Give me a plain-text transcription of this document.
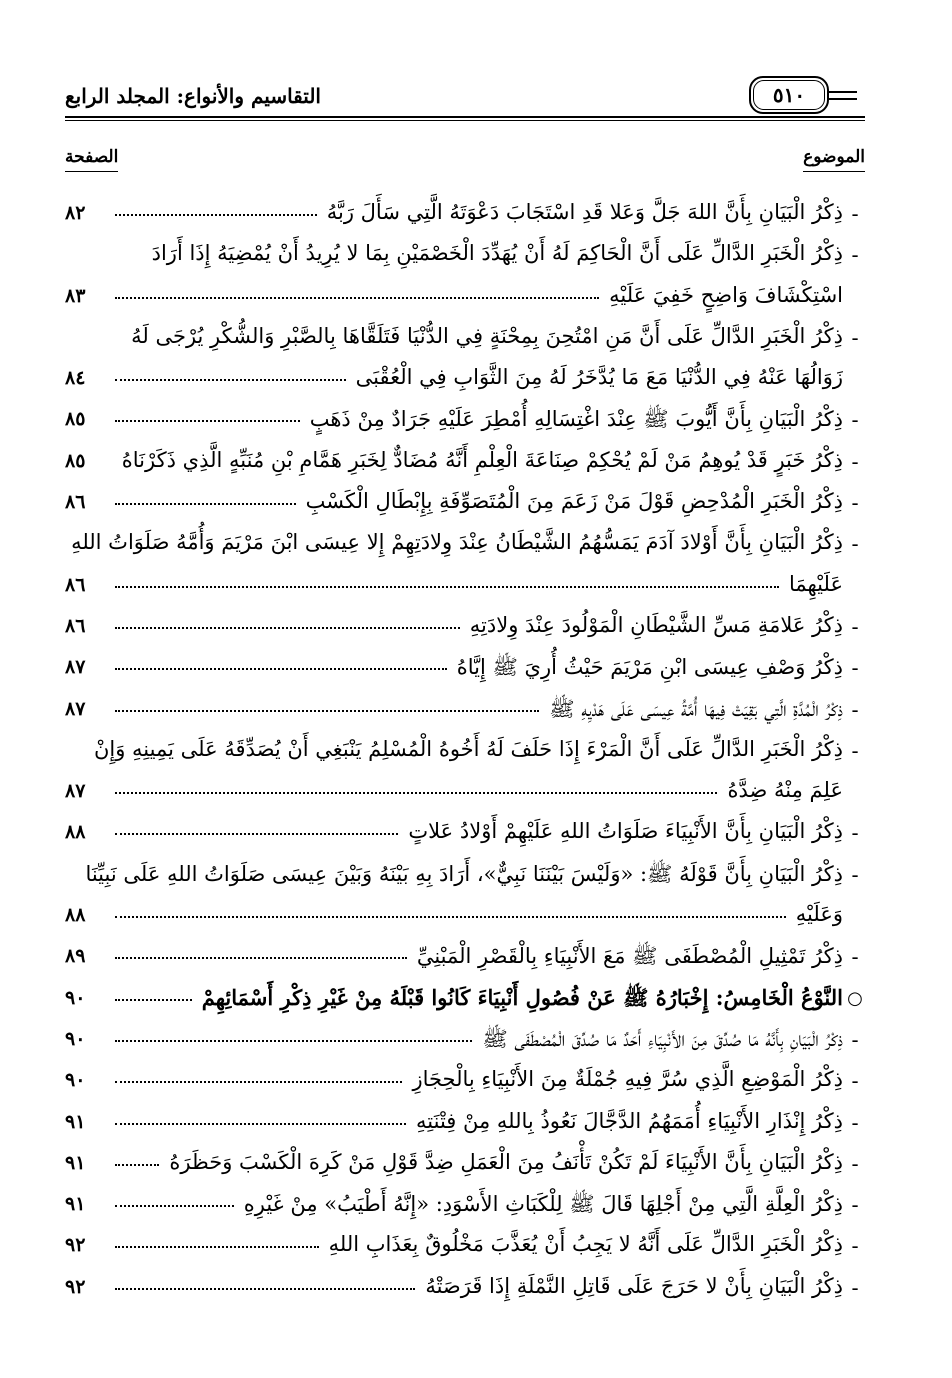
التقاسيم والأنواع: المجلد الرابع	٥١٠
الموضوع
الصفحة
-
ذِكْرُ الْبَيَانِ بِأَنَّ اللهَ جَلَّ وَعَلا قَدِ اسْتَجَابَ دَعْوَتَهُ الَّتِي سَأَلَ رَبَّهُ
٨٢
-
ذِكْرُ الْخَبَرِ الدَّالِّ عَلَى أَنَّ الْحَاكِمَ لَهُ أَنْ يُهَدِّدَ الْخَصْمَيْنِ بِمَا لا يُرِيدُ أَنْ يُمْضِيَهُ إِذَا أَرَادَ
اسْتِكْشَافَ وَاضِحٍ خَفِيَ عَلَيْهِ
٨٣
-
ذِكْرُ الْخَبَرِ الدَّالِّ عَلَى أَنَّ مَنِ امْتُحِنَ بِمِحْنَةٍ فِي الدُّنْيَا فَتَلَقَّاهَا بِالصَّبْرِ وَالشُّكْرِ يُرْجَى لَهُ
زَوَالُهَا عَنْهُ فِي الدُّنْيَا مَعَ مَا يُدَّخَرُ لَهُ مِنَ الثَّوَابِ فِي الْعُقْبَى
٨٤
-
ذِكْرُ الْبَيَانِ بِأَنَّ أَيُّوبَ ﷺ عِنْدَ اغْتِسَالِهِ أُمْطِرَ عَلَيْهِ جَرَادٌ مِنْ ذَهَبٍ
٨٥
-
ذِكْرُ خَبَرٍ قَدْ يُوهِمُ مَنْ لَمْ يُحْكِمْ صِنَاعَةَ الْعِلْمِ أَنَّهُ مُضَادٌّ لِخَبَرِ هَمَّامِ بْنِ مُنَبِّهٍ الَّذِي ذَكَرْنَاهُ
٨٥
-
ذِكْرُ الْخَبَرِ الْمُدْحِضِ قَوْلَ مَنْ زَعَمَ مِنَ الْمُتَصَوِّفَةِ بِإِبْطَالِ الْكَسْبِ
٨٦
-
ذِكْرُ الْبَيَانِ بِأَنَّ أَوْلادَ آدَمَ يَمَسُّهُمُ الشَّيْطَانُ عِنْدَ وِلادَتِهِمْ إِلا عِيسَى ابْنَ مَرْيَمَ وَأُمَّهُ صَلَوَاتُ اللهِ
عَلَيْهِمَا
٨٦
-
ذِكْرُ عَلامَةِ مَسِّ الشَّيْطَانِ الْمَوْلُودَ عِنْدَ وِلادَتِهِ
٨٦
-
ذِكْرُ وَصْفِ عِيسَى ابْنِ مَرْيَمَ حَيْثُ أُرِيَ ﷺ إِيَّاهُ
٨٧
-
ذِكْرُ الْمُدَّةِ الَّتِي بَقِيَتْ فِيهَا أُمَّةُ عِيسَى عَلَى هَدْيِهِ ﷺ
٨٧
-
ذِكْرُ الْخَبَرِ الدَّالِّ عَلَى أَنَّ الْمَرْءَ إِذَا حَلَفَ لَهُ أَخُوهُ الْمُسْلِمُ يَنْبَغِي أَنْ يُصَدِّقَهُ عَلَى يَمِينِهِ وَإِنْ
عَلِمَ مِنْهُ ضِدَّهُ
٨٧
-
ذِكْرُ الْبَيَانِ بِأَنَّ الأَنْبِيَاءَ صَلَوَاتُ اللهِ عَلَيْهِمْ أَوْلادُ عَلاتٍ
٨٨
-
ذِكْرُ الْبَيَانِ بِأَنَّ قَوْلَهُ ﷺ: «وَلَيْسَ بَيْنَنَا نَبِيٌّ»، أَرَادَ بِهِ بَيْنَهُ وَبَيْنَ عِيسَى صَلَوَاتُ اللهِ عَلَى نَبِيِّنَا
وَعَلَيْهِ
٨٨
-
ذِكْرُ تَمْثِيلِ الْمُصْطَفَى ﷺ مَعَ الأَنْبِيَاءِ بِالْقَصْرِ الْمَبْنِيِّ
٨٩
○
النَّوْعُ الْخَامِسُ: إِخْبَارُهُ ﷺ عَنْ فُصُولِ أَنْبِيَاءَ كَانُوا قَبْلَهُ مِنْ غَيْرِ ذِكْرِ أَسْمَائِهِمْ
٩٠
-
ذِكْرُ الْبَيَانِ بِأَنَّهُ مَا صُدِّقَ مِنَ الأَنْبِيَاءِ أَحَدٌ مَا صُدِّقَ الْمُصْطَفَى ﷺ
٩٠
-
ذِكْرُ الْمَوْضِعِ الَّذِي سُرَّ فِيهِ جُمْلَةٌ مِنَ الأَنْبِيَاءِ بِالْحِجَازِ
٩٠
-
ذِكْرُ إِنْذَارِ الأَنْبِيَاءِ أُمَمَهُمُ الدَّجَّالَ نَعُوذُ بِاللهِ مِنْ فِتْنَتِهِ
٩١
-
ذِكْرُ الْبَيَانِ بِأَنَّ الأَنْبِيَاءَ لَمْ تَكُنْ تَأْنَفُ مِنَ الْعَمَلِ ضِدَّ قَوْلِ مَنْ كَرِهَ الْكَسْبَ وَحَظَرَهُ
٩١
-
ذِكْرُ الْعِلَّةِ الَّتِي مِنْ أَجْلِهَا قَالَ ﷺ لِلْكَبَاثِ الأَسْوَدِ: «إِنَّهُ أَطْيَبُ» مِنْ غَيْرِهِ
٩١
-
ذِكْرُ الْخَبَرِ الدَّالِّ عَلَى أَنَّهُ لا يَجِبُ أَنْ يُعَذَّبَ مَخْلُوقٌ بِعَذَابِ اللهِ
٩٢
-
ذِكْرُ الْبَيَانِ بِأَنْ لا حَرَجَ عَلَى قَاتِلِ النَّمْلَةِ إِذَا قَرَصَتْهُ
٩٢
